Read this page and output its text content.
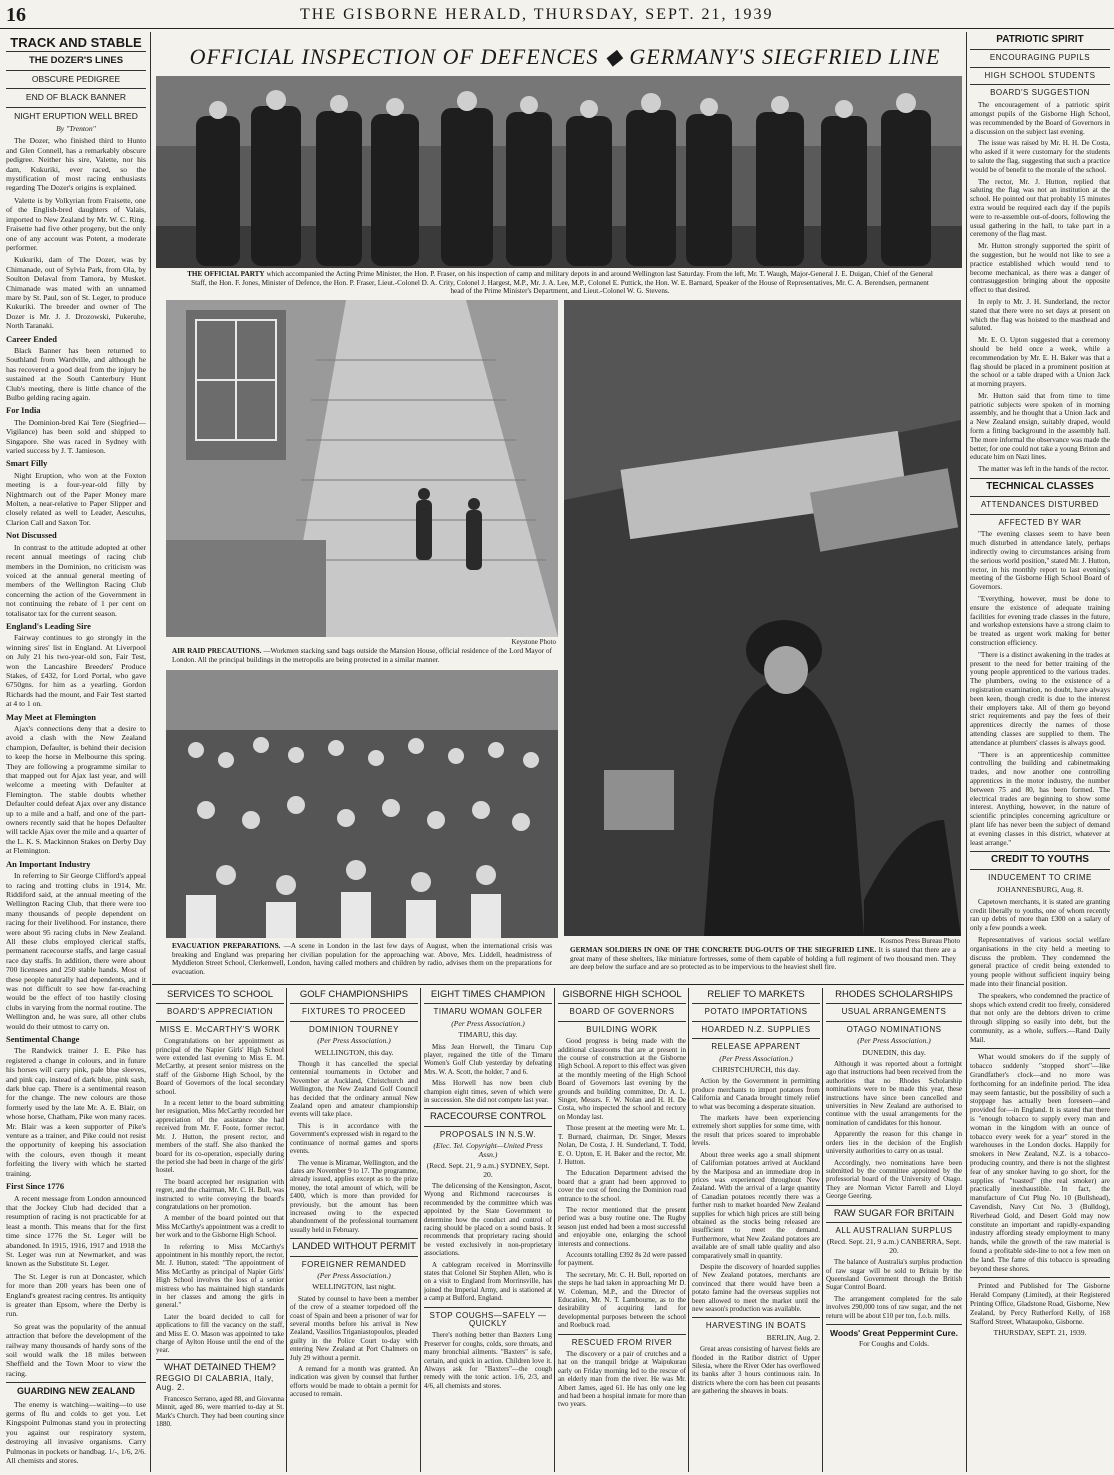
16	THE GISBORNE HERALD, THURSDAY, SEPT. 21, 1939
TRACK AND STABLE
THE DOZER'S LINES
OBSCURE PEDIGREE
END OF BLACK BANNER
NIGHT ERUPTION WELL BRED
By "Trenton"

The Dozer, who finished third to Hunto and Glen Connell, has a remarkably obscure pedigree. Neither his sire, Valette, nor his dam, Kukuriki, ever raced, so the mystification of most racing enthusiasts regarding The Dozer's origins is explained.

Valette is by Volkyrian from Fraisette, one of the English-bred daughters of Valais, imported to New Zealand by Mr. W. C. Ring. Fraisette had five other progeny, but the only one of any account was Potent, a moderate performer.

Kukuriki, dam of The Dozer, was by Chimanade, out of Sylvia Park, from Ola, by Soulton Delaval from Tamora, by Musket. Chimanade was mated with an unnamed mare by St. Paul, son of St. Leger, to produce Kukuriki. The breeder and owner of The Dozer is Mr. J. J. Drozowski, Pukeruhe, North Taranaki.

Career Ended

Black Banner has been returned to Southland from Wardville, and although he has recovered a good deal from the injury he sustained at the South Canterbury Hunt Club's meeting, there is little chance of the Bulbo gelding racing again.

For India

The Dominion-bred Kai Tere (Siegfried—Vigilance) has been sold and shipped to Singapore. She was raced in Sydney with varied success by J. T. Jamieson.

Smart Filly

Night Eruption, who won at the Foxton meeting is a four-year-old filly by Nightmarch out of the Paper Money mare Molten, a near-relative to Paper Slipper and closely related as well to Leader, Aesculus, Clarion Call and Saxon Tor.

Not Discussed

In contrast to the attitude adopted at other recent annual meetings of racing club members in the Dominion, no criticism was voiced at the annual general meeting of members of the Wellington Racing Club concerning the action of the Government in not continuing the rebate of 1 per cent on totalisator tax for the current season.

England's Leading Sire

Fairway continues to go strongly in the winning sires' list in England. At Liverpool on July 21 his two-year-old son, Fair Test, won the Lancashire Breeders' Produce Stakes, of £432, for Lord Portal, who gave 6750gns. for him as a yearling. Gordon Richards had the mount, and Fair Test started at 4 to 1 on.

May Meet at Flemington

Ajax's connections deny that a desire to avoid a clash with the New Zealand champion, Defaulter, is behind their decision to keep the horse in Melbourne this spring. They are following a programme similar to that mapped out for Ajax last year, and will welcome a meeting with Defaulter at Flemington. The stable doubts whether Defaulter could defeat Ajax over any distance up to a mile and a half, and one of the part-owners recently said that he hopes Defaulter will tackle Ajax over the mile and a quarter of the L. K. S. Mackinnon Stakes on Derby Day at Flemington.

An Important Industry

In referring to Sir George Clifford's appeal to racing and trotting clubs in 1914, Mr. Riddiford said, at the annual meeting of the Wellington Racing Club, that there were too many thousands of people dependent on racing for their livelihood. For instance, there were about 95 racing clubs in New Zealand. All these clubs employed clerical staffs, permanent racecourse staffs, and large casual race day staffs. In addition, there were about 700 licensees and 250 stable hands. Most of these people naturally had dependents, and it was not difficult to see how far-reaching would be the effect of too hastily closing clubs in varying from the normal routine. The Wellington and, he was sure, all other clubs would do their utmost to carry on.

Sentimental Change

The Randwick trainer J. E. Pike has registered a change in colours, and in future his horses will carry pink, pale blue sleeves, and pink cap, instead of dark blue, pink sash, dark blue cap. There is a sentimental reason for the change. The new colours are those formerly used by the late Mr. A. E. Blair, on whose horse, Chatham, Pike won many races. Mr. Blair was a keen supporter of Pike's venture as a trainer, and Pike could not resist the opportunity of keeping his association with the colours, even though it meant forfeiting the livery with which he started training.

First Since 1776

A recent message from London announced that the Jockey Club had decided that a resumption of racing is not practicable for at least a month. This means that for the first time since 1776 the St. Leger will be abandoned. In 1915, 1916, 1917 and 1918 the St. Leger was run at Newmarket, and was known as the Substitute St. Leger.

The St. Leger is run at Doncaster, which for more than 200 years has been one of England's greatest racing centres. Its antiquity is greater than Epsom, where the Derby is run.

So great was the popularity of the annual attraction that before the development of the railway many thousands of hardy sons of the soil would walk the 18 miles between Sheffield and the Town Moor to view the racing.

GUARDING NEW ZEALAND

The enemy is watching—waiting—to use germs of flu and colds to get you. Let Kingspoint Pulmonas stand you in protecting you against our respiratory system, destroying all invasive organisms. Carry Pulmonas in pockets or handbag. 1/-, 1/6, 2/6. All chemists and stores.

OFFICIAL INSPECTION OF DEFENCES ◆ GERMANY'S SIEGFRIED LINE
THE OFFICIAL PARTY which accompanied the Acting Prime Minister, the Hon. P. Fraser, on his inspection of camp and military depots in and around Wellington last Saturday. From the left, Mr. T. Waugh, Major-General J. E. Duigan, Chief of the General Staff, the Hon. F. Jones, Minister of Defence, the Hon. P. Fraser, Lieut.-Colonel D. A. Crity, Colonel J. Hargest, M.P., Mr. J. A. Lee, M.P., Colonel E. Puttick, the Hon. W. E. Barnard, Speaker of the House of Representatives, Mr. C. A. Berendsen, permanent head of the Prime Minister's Department, and Lieut.-Colonel W. G. Stevens.
Keystone Photo
AIR RAID PRECAUTIONS. —Workmen stacking sand bags outside the Mansion House, official residence of the Lord Mayor of London. All the principal buildings in the metropolis are being protected in a similar manner.
EVACUATION PREPARATIONS. —A scene in London in the last few days of August, when the international crisis was breaking and England was preparing her civilian population for the approaching war. Above, Mrs. Liddell, headmistress of Myddleton Street School, Clerkenwell, London, having called mothers and children by radio, advises them on the preparations for evacuation.
Kosmos Press Bureau Photo
GERMAN SOLDIERS IN ONE OF THE CONCRETE DUG-OUTS OF THE SIEGFRIED LINE. It is stated that there are a great many of these shelters, like miniature fortresses, some of them capable of holding a full regiment of two thousand men. They are deep below the surface and are so protected as to be impervious to the heaviest shell fire.
PATRIOTIC SPIRIT
ENCOURAGING PUPILS
HIGH SCHOOL STUDENTS
BOARD'S SUGGESTION

The encouragement of a patriotic spirit amongst pupils of the Gisborne High School, was recommended by the Board of Governors in a discussion on the subject last evening.

The issue was raised by Mr. H. H. De Costa, who asked if it were customary for the students to salute the flag, suggesting that such a practice would be of benefit to the morale of the school.

The rector, Mr. J. Hutton, replied that saluting the flag was not an institution at the school. He pointed out that probably 15 minutes extra would be required each day if the pupils were to re-assemble out-of-doors, following the usual gathering in the hall, to take part in a ceremony of the flag mast.

Mr. Hutton strongly supported the spirit of the suggestion, but he would not like to see a practice established which would tend to become mechanical, as there was a danger of contrasuggestion bringing about the opposite effect to that desired.

In reply to Mr. J. H. Sunderland, the rector stated that there were no set days at present on which the flag was hoisted to the masthead and saluted.

Mr. E. O. Upton suggested that a ceremony should be held once a week, while a recommendation by Mr. E. H. Baker was that a flag should be placed in a prominent position at the school or a table draped with a Union Jack at morning prayers.

Mr. Hutton said that from time to time patriotic subjects were spoken of in morning assembly, and he thought that a Union Jack and a New Zealand ensign, suitably draped, would form a fitting background in the assembly hall. The more informal the observance was made the better, for one could not take a young Briton and educate him on Nazi lines.

The matter was left in the hands of the rector.

TECHNICAL CLASSES
ATTENDANCES DISTURBED
AFFECTED BY WAR

"The evening classes seem to have been much disturbed in attendance lately, perhaps indirectly owing to circumstances arising from the serious world position," stated Mr. J. Hutton, rector, in his monthly report to last evening's meeting of the Gisborne High School Board of Governors.

"Everything, however, must be done to ensure the existence of adequate training facilities for evening trade classes in the future, and workshop extensions have a strong claim to be treated as urgent work making for better construction efficiency.

"There is a distinct awakening in the trades at present to the need for better training of the young people apprenticed to the various trades. The plumbers, owing to the existence of a registration examination, no doubt, have always been keen, though credit is due to the interest their employers take. All of them go beyond strict requirements and pay the fees of their apprentices directly the names of those attending classes are supplied to them. The attendance at plumbers' classes is always good.

"There is an apprenticeship committee controlling the building and cabinetmaking trades, and now another one controlling apprentices in the motor industry, the number between 75 and 80, has been formed. The electrical trades are beginning to show some interest. Anything, however, in the nature of scientific principles concerning agriculture or plant life has never been the subject of demand at evening classes in this district, whatever at least arrange."

CREDIT TO YOUTHS
INDUCEMENT TO CRIME
JOHANNESBURG, Aug. 8.

Capetown merchants, it is stated are granting credit liberally to youths, one of whom recently ran up debts of more than £300 on a salary of only a few pounds a week.

Representatives of various social welfare organisations in the city held a meeting to discuss the problem. They condemned the general practice of credit being extended to young people without sufficient inquiry being made into their financial position.

The speakers, who condemned the practice of shops which extend credit too freely, considered that not only are the debtors driven to crime through slipping so easily into debt, but the community, as a whole, suffers.—Rand Daily Mail.

What would smokers do if the supply of tobacco suddenly "stopped short"—like Grandfather's clock—and no more was forthcoming for an indefinite period. The idea may seem fantastic, but the possibility of such a stoppage has actually been foreseen—and provided for—in England. It is stated that there is "enough tobacco to supply every man and woman in the kingdom with an ounce of tobacco every week for a year" stored in the warehouses in the London docks. Happily for smokers in New Zealand, N.Z. is a tobacco-producing country, and there is not the slightest fear of any smoker having to go short, for the supplies of "toasted" (the real smoker) are practically inexhaustible. In fact, the manufacture of Cut Plug No. 10 (Bullshead), Cavendish, Navy Cut No. 3 (Bulldog), Riverhead Gold, and Desert Gold may now constitute an important and rapidly-expanding industry affording steady employment to many hands, while the growth of the raw material is found a profitable side-line to not a few men on the land. The fame of this tobacco is spreading beyond these shores.

Printed and Published for The Gisborne Herald Company (Limited), at their Registered Printing Office, Gladstone Road, Gisborne, New Zealand, by Percy Rutherford Kelly, of 168 Stafford Street, Whataupoko, Gisborne.

THURSDAY, SEPT. 21, 1939.
SERVICES TO SCHOOL
BOARD'S APPRECIATION
MISS E. McCARTHY'S WORK

Congratulations on her appointment as principal of the Napier Girls' High School were extended last evening to Miss E. M. McCarthy, at present senior mistress on the staff of the Gisborne High School, by the Board of Governors of the local secondary school.

In a recent letter to the board submitting her resignation, Miss McCarthy recorded her appreciation of the assistance she had received from Mr. F. Foote, former rector, Mr. J. Hutton, the present rector, and members of the staff. She also thanked the board for its co-operation, especially during the period she had been in charge of the girls' hostel.

The board accepted her resignation with regret, and the chairman, Mr. C. H. Bull, was instructed to write conveying the board's congratulations on her promotion.

A member of the board pointed out that Miss McCarthy's appointment was a credit to her work and to the Gisborne High School.

In referring to Miss McCarthy's appointment in his monthly report, the rector, Mr. J. Hutton, stated: "The appointment of Miss McCarthy as principal of Napier Girls' High School involves the loss of a senior mistress who has maintained high standards in her classes and among the girls in general."

Later the board decided to call for applications to fill the vacancy on the staff, and Miss E. O. Mason was appointed to take charge of Aylton House until the end of the year.

WHAT DETAINED THEM?
REGGIO DI CALABRIA, Italy, Aug. 2.

Francesco Serrano, aged 88, and Giovanna Minnit, aged 86, were married to-day at St. Mark's Church. They had been courting since 1880.

GOLF CHAMPIONSHIPS
FIXTURES TO PROCEED
DOMINION TOURNEY
(Per Press Association.)
WELLINGTON, this day.

Though it has cancelled the special centennial tournaments in October and November at Auckland, Christchurch and Wellington, the New Zealand Golf Council has decided that the ordinary annual New Zealand open and amateur championship events will take place.

This is in accordance with the Government's expressed wish in regard to the continuance of normal games and sports events.

The venue is Miramar, Wellington, and the dates are November 9 to 17. The programme, already issued, applies except as to the prize money, the total amount of which, will be £400, which is more than provided for previously, but the amount has been increased owing to the expected abandonment of the professional tournament usually held in February.

LANDED WITHOUT PERMIT
FOREIGNER REMANDED
(Per Press Association.)
WELLINGTON, last night.

Stated by counsel to have been a member of the crew of a steamer torpedoed off the coast of Spain and been a prisoner of war for several months before his arrival in New Zealand, Vassilios Triganiastopoulos, pleaded guilty in the Police Court to-day with entering New Zealand at Port Chalmers on July 29 without a permit.

A remand for a month was granted. An indication was given by counsel that further efforts would be made to obtain a permit for accused to remain.

EIGHT TIMES CHAMPION
TIMARU WOMAN GOLFER
(Per Press Association.)
TIMARU, this day.

Miss Jean Horwell, the Timaru Cup player, regained the title of the Timaru Women's Golf Club yesterday by defeating Mrs. W. A. Scott, the holder, 7 and 6.

Miss Horwell has now been club champion eight times, seven of which were in succession. She did not compete last year.

RACECOURSE CONTROL
PROPOSALS IN N.S.W.
(Elec. Tel. Copyright—United Press Assn.)
(Recd. Sept. 21, 9 a.m.) SYDNEY, Sept. 20.

The delicensing of the Kensington, Ascot, Wyong and Richmond racecourses is recommended by the committee which was appointed by the State Government to determine how the conduct and control of racing should be placed on a sound basis. It recommends that proprietary racing should be vested exclusively in non-proprietary associations.

A cablegram received in Morrinsville states that Colonel Sir Stephen Allen, who is on a visit to England from Morrinsville, has joined the Imperial Army, and is stationed at a camp at Bulford, England.

STOP COUGHS—SAFELY —QUICKLY

There's nothing better than Baxters Lung Preserver for coughs, colds, sore throats, and many bronchial ailments. "Baxters" is safe, certain, and quick in action. Children love it. Always ask for "Baxters"—the cough remedy with the tonic action. 1/6, 2/3, and 4/6, all chemists and stores.

GISBORNE HIGH SCHOOL
BOARD OF GOVERNORS
BUILDING WORK

Good progress is being made with the additional classrooms that are at present in the course of construction at the Gisborne High School. A report to this effect was given at the monthly meeting of the High School Board of Governors last evening by the grounds and building committee, Dr. A. L. Singer, Messrs. F. W. Nolan and H. H. De Costa, who inspected the school and rectory on Monday last.

Those present at the meeting were Mr. L. T. Burnard, chairman, Dr. Singer, Messrs Nolan, De Costa, J. H. Sunderland, T. Todd, E. O. Upton, E. H. Baker and the rector, Mr. J. Hutton.

The Education Department advised the board that a grant had been approved to cover the cost of fencing the Dominion road entrance to the school.

The rector mentioned that the present period was a busy routine one. The Rugby season just ended had been a most successful and enjoyable one, enlarging the school interests and connections.

Accounts totalling £392 8s 2d were passed for payment.

The secretary, Mr. C. H. Bull, reported on the steps he had taken in approaching Mr D. W. Coleman, M.P., and the Director of Education, Mr. N. T. Lambourne, as to the desirability of acquiring land for developmental purposes between the school and Roebuck road.

RESCUED FROM RIVER

The discovery or a pair of crutches and a hat on the tranquil bridge at Waipukurau early on Friday morning led to the rescue of an elderly man from the river. He was Mr. Albert James, aged 61. He has only one leg and had been a hospital inmate for more than two years.

RELIEF TO MARKETS
POTATO IMPORTATIONS
HOARDED N.Z. SUPPLIES
RELEASE APPARENT
(Per Press Association.)
CHRISTCHURCH, this day.

Action by the Government in permitting produce merchants to import potatoes from California and Canada brought timely relief to what was becoming a desperate situation.

The markets have been experiencing extremely short supplies for some time, with the result that prices soared to improbable levels.

About three weeks ago a small shipment of Californian potatoes arrived at Auckland by the Mariposa and an immediate drop in prices was experienced throughout New Zealand. With the arrival of a large quantity of Canadian potatoes recently there was a further rush to market hoarded New Zealand supplies for which high prices are still being obtained as the stocks being released are insufficient to meet the demand. Furthermore, what New Zealand potatoes are available are of small table quality and also comparatively small in quantity.

Despite the discovery of hoarded supplies of New Zealand potatoes, merchants are convinced that there would have been a potato famine had the overseas supplies not been allowed to meet the market until the new season's production was available.

HARVESTING IN BOATS
BERLIN, Aug. 2.

Great areas consisting of harvest fields are flooded in the Ratibor district of Upper Silesia, where the River Oder has overflowed its banks after 3 hours continuous rain. In districts where the corn has been cut peasants are gathering the sheaves in boats.

RHODES SCHOLARSHIPS
USUAL ARRANGEMENTS
OTAGO NOMINATIONS
(Per Press Association.)
DUNEDIN, this day.

Although it was reported about a fortnight ago that instructions had been received from the authorities that no Rhodes Scholarship nominations were to be made this year, these instructions have since been cancelled and universities in New Zealand are authorised to continue with the usual arrangements for the nomination of candidates for this honour.

Apparently the reason for this change in orders lies in the decision of the English university authorities to carry on as usual.

Accordingly, two nominations have been submitted by the committee appointed by the professorial board of the University of Otago. They are Norman Victor Farrell and Lloyd George Geering.

RAW SUGAR FOR BRITAIN
ALL AUSTRALIAN SURPLUS
(Recd. Sept. 21, 9 a.m.) CANBERRA, Sept. 20.

The balance of Australia's surplus production of raw sugar will be sold to Britain by the Queensland Government through the British Sugar Control Board.

The arrangement completed for the sale involves 290,000 tons of raw sugar, and the net return will be about £10 per ton, f.o.b. mills.

Woods' Great Peppermint Cure.
For Coughs and Colds.
